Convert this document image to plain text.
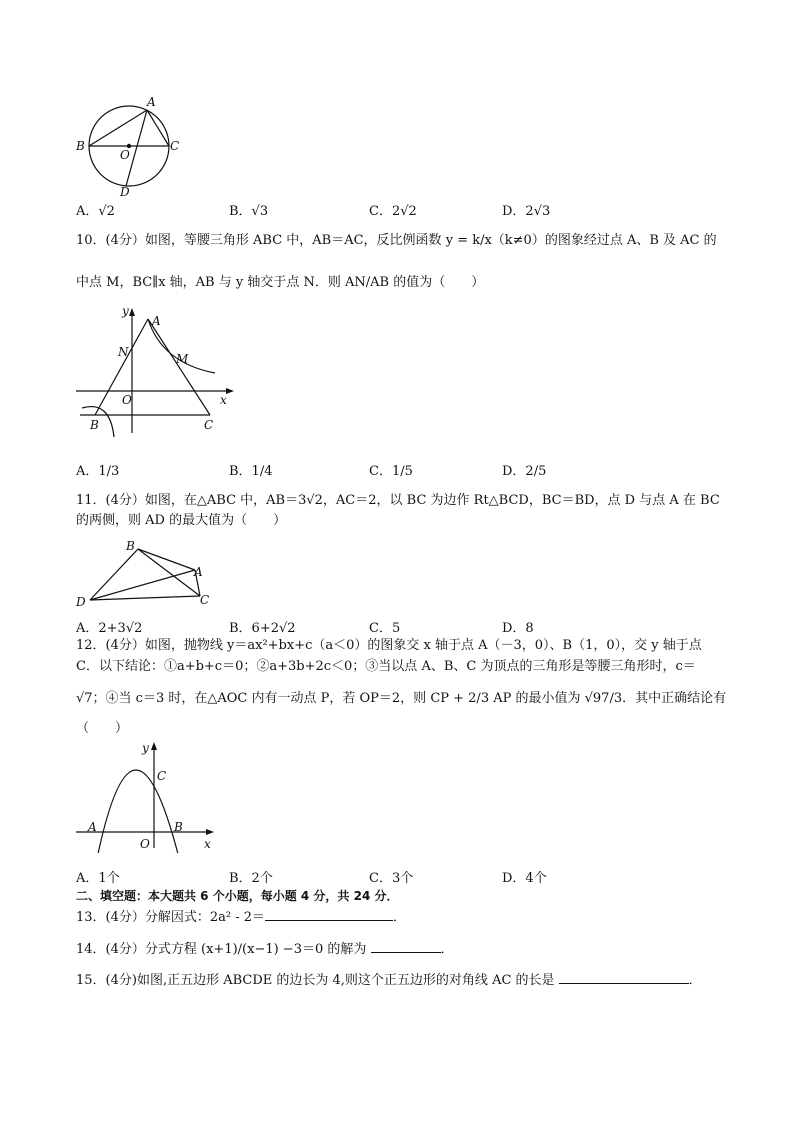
A
B	C
O
D
A．√2	B．√3	C．2√2	D．2√3
10．(4分）如图，等腰三角形 ABC 中，AB＝AC，反比例函数 y = k/x（k≠0）的图象经过点 A、B 及 AC 的
中点 M，BC∥x 轴，AB 与 y 轴交于点 N．则 AN/AB 的值为（　　）
y
A
N	M
O	x
B	C
A．1/3	B．1/4	C．1/5	D．2/5
11．(4分）如图，在△ABC 中，AB＝3√2，AC＝2，以 BC 为边作 Rt△BCD，BC＝BD，点 D 与点 A 在 BC
的两侧，则 AD 的最大值为（　　）
B
A
D	C
A．2+3√2	B．6+2√2	C．5	D．8
12．(4分）如图，抛物线 y＝ax²+bx+c（a＜0）的图象交 x 轴于点 A（－3，0）、B（1，0），交 y 轴于点
C．以下结论：①a+b+c＝0；②a+3b+2c＜0；③当以点 A、B、C 为顶点的三角形是等腰三角形时，c＝
√7；④当 c＝3 时，在△AOC 内有一动点 P，若 OP＝2，则 CP + 2/3 AP 的最小值为 √97/3．其中正确结论有
（　　）
y
C
A
O
B
x
A．1个	B．2个	C．3个	D．4个
二、填空题：本大题共 6 个小题，每小题 4 分，共 24 分．
13．(4分）分解因式：2a² - 2＝	．
14．(4分）分式方程 (x+1)/(x−1) −3＝0 的解为	．
15．(4分)如图,正五边形 ABCDE 的边长为 4,则这个正五边形的对角线 AC 的长是	．
